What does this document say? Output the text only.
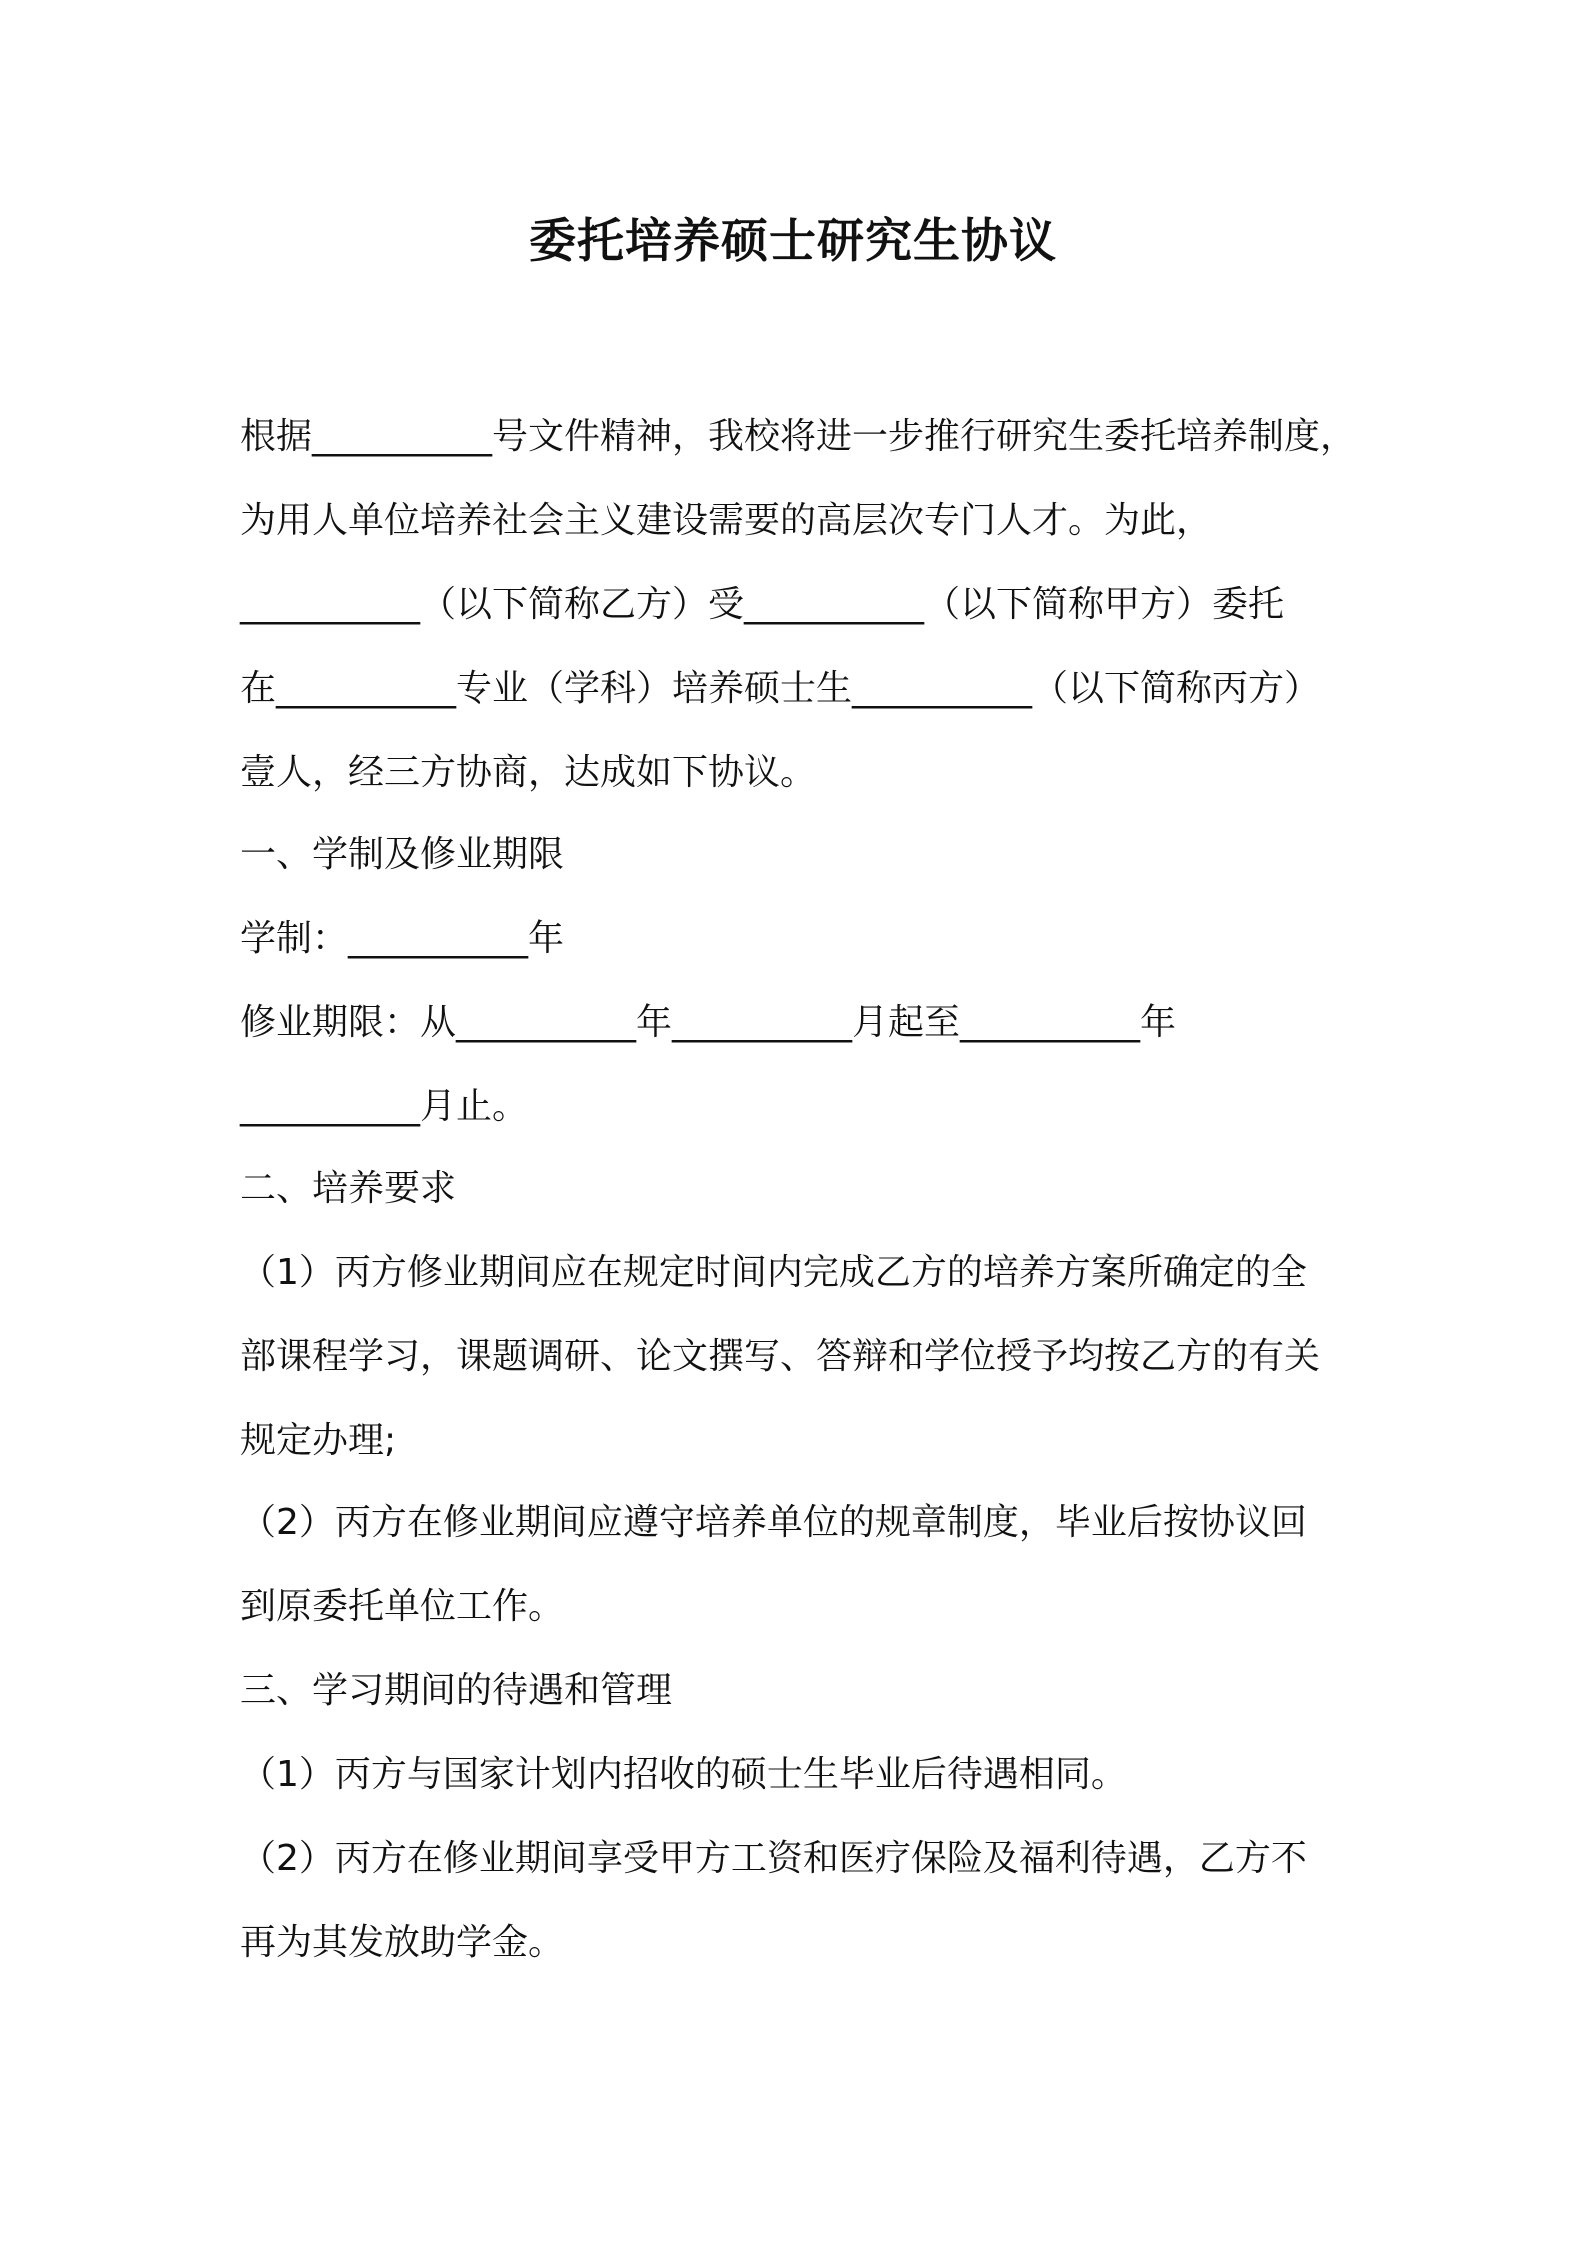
委托培养硕士研究生协议

根据__________号文件精神，我校将进一步推行研究生委托培养制度，

为用人单位培养社会主义建设需要的高层次专门人才。为此，

__________（以下简称乙方）受__________（以下简称甲方）委托

在__________专业（学科）培养硕士生__________（以下简称丙方）

壹人，经三方协商，达成如下协议。

一、学制及修业期限

学制：__________年

修业期限：从__________年__________月起至__________年

__________月止。

二、培养要求

（1）丙方修业期间应在规定时间内完成乙方的培养方案所确定的全

部课程学习，课题调研、论文撰写、答辩和学位授予均按乙方的有关

规定办理;

（2）丙方在修业期间应遵守培养单位的规章制度，毕业后按协议回

到原委托单位工作。

三、学习期间的待遇和管理

（1）丙方与国家计划内招收的硕士生毕业后待遇相同。

（2）丙方在修业期间享受甲方工资和医疗保险及福利待遇，乙方不

再为其发放助学金。
